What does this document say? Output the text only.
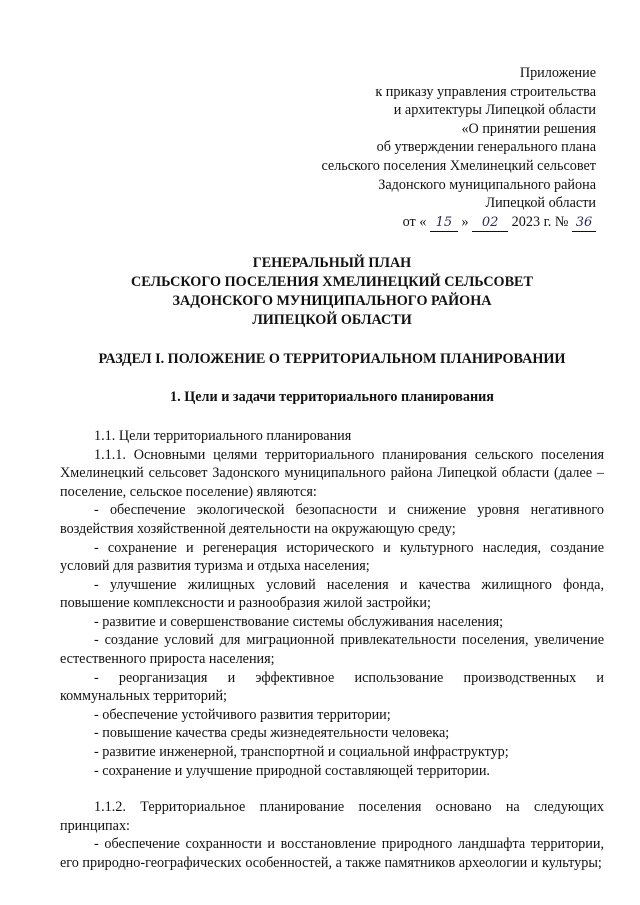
Приложение
к приказу управления строительства
и архитектуры Липецкой области
«О принятии решения
об утверждении генерального плана
сельского поселения Хмелинецкий сельсовет
Задонского муниципального района
Липецкой области
от « 15 » 02 2023 г. № 36
ГЕНЕРАЛЬНЫЙ ПЛАН
СЕЛЬСКОГО ПОСЕЛЕНИЯ ХМЕЛИНЕЦКИЙ СЕЛЬСОВЕТ
ЗАДОНСКОГО МУНИЦИПАЛЬНОГО РАЙОНА
ЛИПЕЦКОЙ ОБЛАСТИ
РАЗДЕЛ I. ПОЛОЖЕНИЕ О ТЕРРИТОРИАЛЬНОМ ПЛАНИРОВАНИИ
1. Цели и задачи территориального планирования
1.1. Цели территориального планирования
1.1.1. Основными целями территориального планирования сельского поселения Хмелинецкий сельсовет Задонского муниципального района Липецкой области (далее – поселение, сельское поселение) являются:
- обеспечение экологической безопасности и снижение уровня негативного воздействия хозяйственной деятельности на окружающую среду;
- сохранение и регенерация исторического и культурного наследия, создание условий для развития туризма и отдыха населения;
- улучшение жилищных условий населения и качества жилищного фонда, повышение комплексности и разнообразия жилой застройки;
- развитие и совершенствование системы обслуживания населения;
- создание условий для миграционной привлекательности поселения, увеличение естественного прироста населения;
- реорганизация и эффективное использование производственных и
коммунальных территорий;
- обеспечение устойчивого развития территории;
- повышение качества среды жизнедеятельности человека;
- развитие инженерной, транспортной и социальной инфраструктур;
- сохранение и улучшение природной составляющей территории.
1.1.2. Территориальное планирование поселения основано на следующих принципах:
- обеспечение сохранности и восстановление природного ландшафта территории, его природно-географических особенностей, а также памятников археологии и культуры;
